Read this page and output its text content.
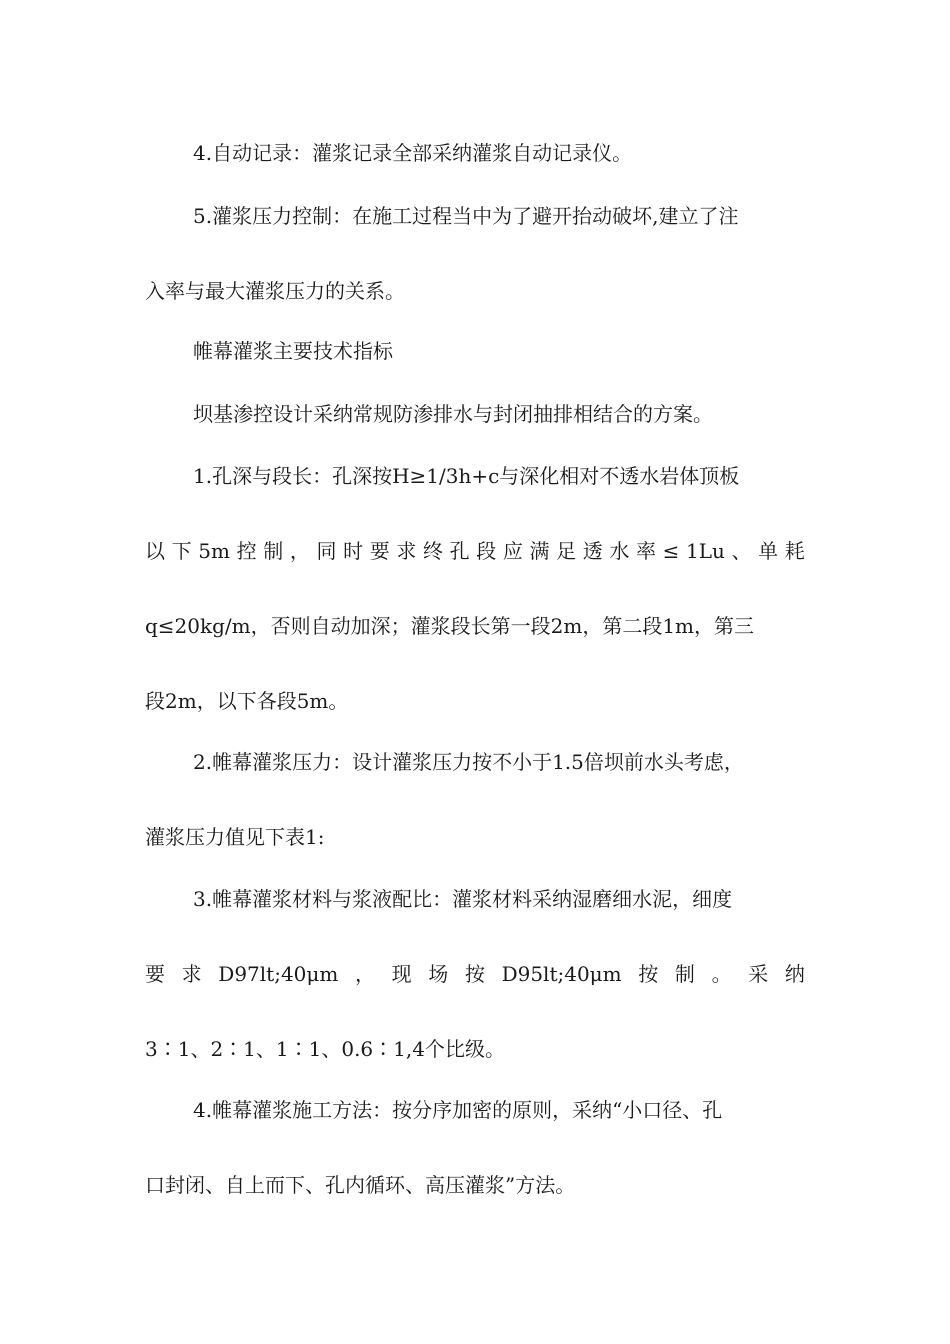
4.自动记录：灌浆记录全部采纳灌浆自动记录仪。
5.灌浆压力控制：在施工过程当中为了避开抬动破坏,建立了注
入率与最大灌浆压力的关系。
帷幕灌浆主要技术指标
坝基渗控设计采纳常规防渗排水与封闭抽排相结合的方案。
1.孔深与段长：孔深按H≥1/3h+c与深化相对不透水岩体顶板
以 下 5m 控 制 ， 同 时 要 求 终 孔 段 应 满 足 透 水 率 ≤ 1Lu 、 单 耗
q≤20kg/m，否则自动加深；灌浆段长第一段2m，第二段1m，第三
段2m，以下各段5m。
2.帷幕灌浆压力：设计灌浆压力按不小于1.5倍坝前水头考虑，
灌浆压力值见下表1:
3.帷幕灌浆材料与浆液配比：灌浆材料采纳湿磨细水泥，细度
要 求 D97lt;40μm ， 现 场 按 D95lt;40μm 按 制 。 采 纳
3∶1、2∶1、1∶1、0.6∶1,4个比级。
4.帷幕灌浆施工方法：按分序加密的原则，采纳“小口径、孔
口封闭、自上而下、孔内循环、高压灌浆”方法。
